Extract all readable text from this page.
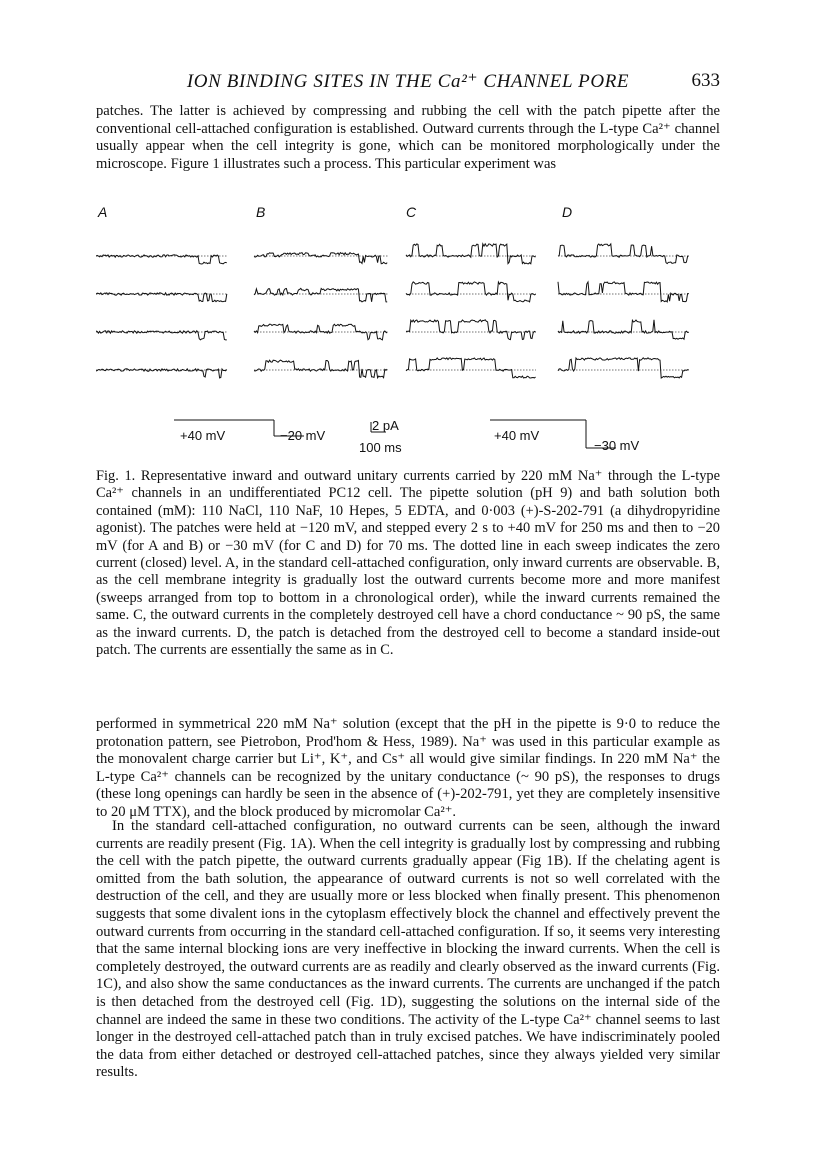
ION BINDING SITES IN THE Ca²⁺ CHANNEL PORE	633

patches. The latter is achieved by compressing and rubbing the cell with the patch pipette after the conventional cell-attached configuration is established. Outward currents through the L-type Ca²⁺ channel usually appear when the cell integrity is gone, which can be monitored morphologically under the microscope. Figure 1 illustrates such a process. This particular experiment was

A	B	C	D
+40 mV	−20 mV
2 pA
100 ms
+40 mV
−30 mV

Fig. 1. Representative inward and outward unitary currents carried by 220 mM Na⁺ through the L-type Ca²⁺ channels in an undifferentiated PC12 cell. The pipette solution (pH 9) and bath solution both contained (mM): 110 NaCl, 110 NaF, 10 Hepes, 5 EDTA, and 0·003 (+)-S-202-791 (a dihydropyridine agonist). The patches were held at −120 mV, and stepped every 2 s to +40 mV for 250 ms and then to −20 mV (for A and B) or −30 mV (for C and D) for 70 ms. The dotted line in each sweep indicates the zero current (closed) level. A, in the standard cell-attached configuration, only inward currents are observable. B, as the cell membrane integrity is gradually lost the outward currents become more and more manifest (sweeps arranged from top to bottom in a chronological order), while the inward currents remained the same. C, the outward currents in the completely destroyed cell have a chord conductance ~ 90 pS, the same as the inward currents. D, the patch is detached from the destroyed cell to become a standard inside-out patch. The currents are essentially the same as in C.

performed in symmetrical 220 mM Na⁺ solution (except that the pH in the pipette is 9·0 to reduce the protonation pattern, see Pietrobon, Prod'hom & Hess, 1989). Na⁺ was used in this particular example as the monovalent charge carrier but Li⁺, K⁺, and Cs⁺ all would give similar findings. In 220 mM Na⁺ the L-type Ca²⁺ channels can be recognized by the unitary conductance (~ 90 pS), the responses to drugs (these long openings can hardly be seen in the absence of (+)-202-791, yet they are completely insensitive to 20 μM TTX), and the block produced by micromolar Ca²⁺.

In the standard cell-attached configuration, no outward currents can be seen, although the inward currents are readily present (Fig. 1A). When the cell integrity is gradually lost by compressing and rubbing the cell with the patch pipette, the outward currents gradually appear (Fig 1B). If the chelating agent is omitted from the bath solution, the appearance of outward currents is not so well correlated with the destruction of the cell, and they are usually more or less blocked when finally present. This phenomenon suggests that some divalent ions in the cytoplasm effectively block the channel and effectively prevent the outward currents from occurring in the standard cell-attached configuration. If so, it seems very interesting that the same internal blocking ions are very ineffective in blocking the inward currents. When the cell is completely destroyed, the outward currents are as readily and clearly observed as the inward currents (Fig. 1C), and also show the same conductances as the inward currents. The currents are unchanged if the patch is then detached from the destroyed cell (Fig. 1D), suggesting the solutions on the internal side of the channel are indeed the same in these two conditions. The activity of the L-type Ca²⁺ channel seems to last longer in the destroyed cell-attached patch than in truly excised patches. We have indiscriminately pooled the data from either detached or destroyed cell-attached patches, since they always yielded very similar results.
